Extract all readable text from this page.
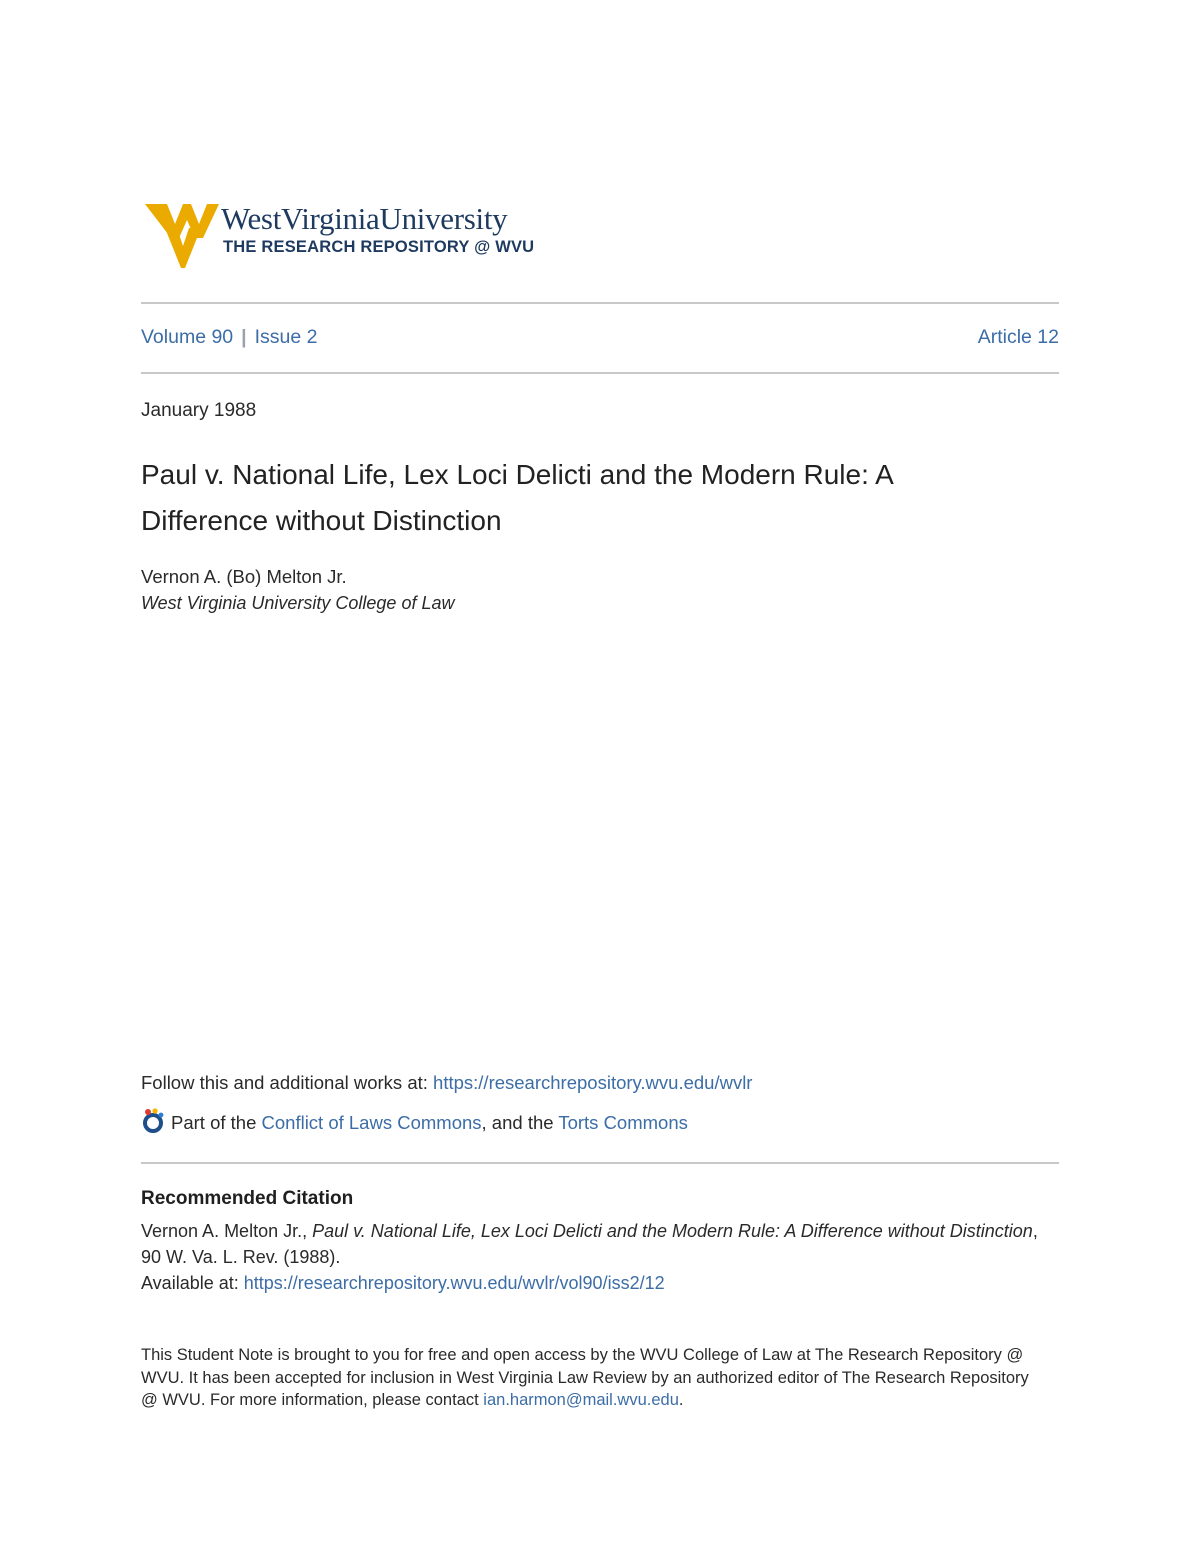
WestVirginiaUniversity
THE RESEARCH REPOSITORY @ WVU
Volume 90 | Issue 2	Article 12
January 1988
Paul v. National Life, Lex Loci Delicti and the Modern Rule: A Difference without Distinction
Vernon A. (Bo) Melton Jr.
West Virginia University College of Law
Follow this and additional works at: https://researchrepository.wvu.edu/wvlr
Part of the Conflict of Laws Commons, and the Torts Commons
Recommended Citation
Vernon A. Melton Jr., Paul v. National Life, Lex Loci Delicti and the Modern Rule: A Difference without Distinction, 90 W. Va. L. Rev. (1988).
Available at: https://researchrepository.wvu.edu/wvlr/vol90/iss2/12
This Student Note is brought to you for free and open access by the WVU College of Law at The Research Repository @ WVU. It has been accepted for inclusion in West Virginia Law Review by an authorized editor of The Research Repository @ WVU. For more information, please contact ian.harmon@mail.wvu.edu.
